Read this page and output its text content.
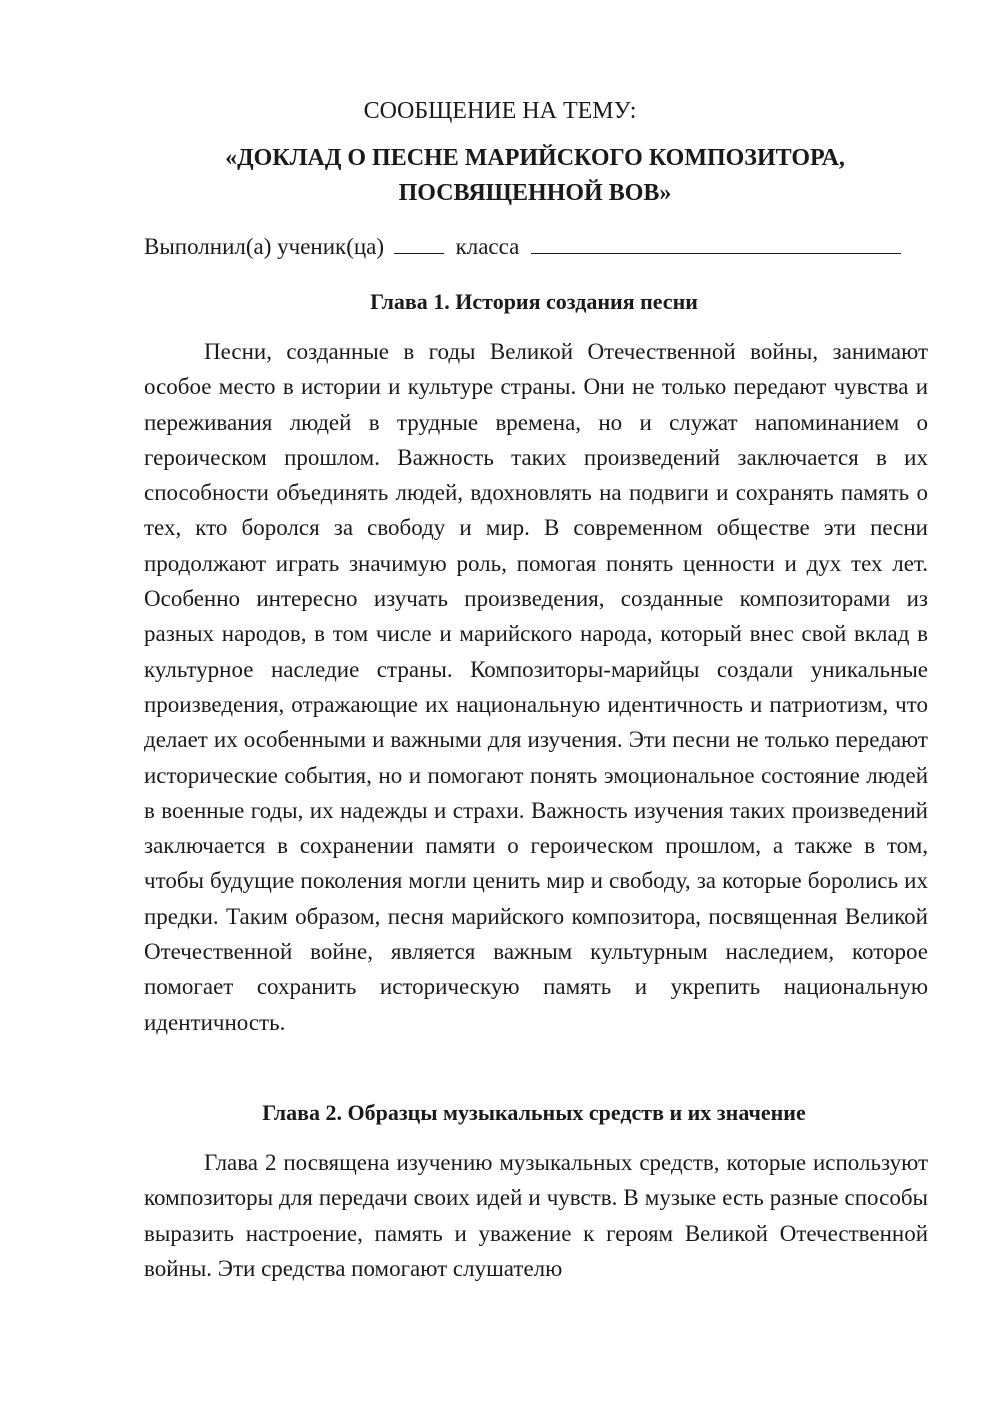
СООБЩЕНИЕ НА ТЕМУ:
«ДОКЛАД О ПЕСНЕ МАРИЙСКОГО КОМПОЗИТОРА,
ПОСВЯЩЕННОЙ ВОВ»
Выполнил(а) ученик(ца)	класса
Глава 1. История создания песни

Песни, созданные в годы Великой Отечественной войны, занимают особое место в истории и культуре страны. Они не только передают чувства и переживания людей в трудные времена, но и служат напоминанием о героическом прошлом. Важность таких произведений заключается в их способности объединять людей, вдохновлять на подвиги и сохранять память о тех, кто боролся за свободу и мир. В современном обществе эти песни продолжают играть значимую роль, помогая понять ценности и дух тех лет. Особенно интересно изучать произведения, созданные композиторами из разных народов, в том числе и марийского народа, который внес свой вклад в культурное наследие страны. Композиторы-марийцы создали уникальные произведения, отражающие их национальную идентичность и патриотизм, что делает их особенными и важными для изучения. Эти песни не только передают исторические события, но и помогают понять эмоциональное состояние людей в военные годы, их надежды и страхи. Важность изучения таких произведений заключается в сохранении памяти о героическом прошлом, а также в том, чтобы будущие поколения могли ценить мир и свободу, за которые боролись их предки. Таким образом, песня марийского композитора, посвященная Великой Отечественной войне, является важным культурным наследием, которое помогает сохранить историческую память и укрепить национальную идентичность.

Глава 2. Образцы музыкальных средств и их значение

Глава 2 посвящена изучению музыкальных средств, которые используют композиторы для передачи своих идей и чувств. В музыке есть разные способы выразить настроение, память и уважение к героям Великой Отечественной войны. Эти средства помогают слушателю
